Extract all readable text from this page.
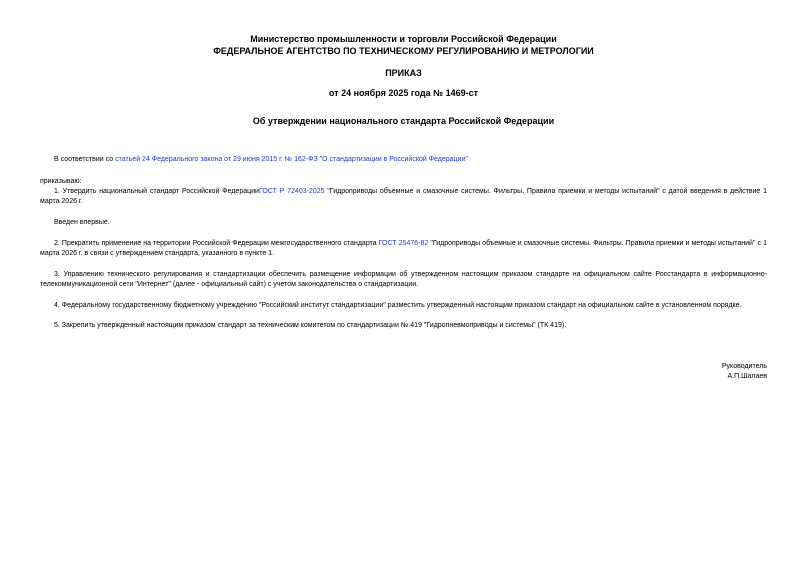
Министерство промышленности и торговли Российской Федерации
ФЕДЕРАЛЬНОЕ АГЕНТСТВО ПО ТЕХНИЧЕСКОМУ РЕГУЛИРОВАНИЮ И МЕТРОЛОГИИ
ПРИКАЗ
от 24 ноября 2025 года № 1469-ст
Об утверждении национального стандарта Российской Федерации
В соответствии со статьей 24 Федерального закона от 29 июня 2015 г. № 162-ФЗ "О стандартизации в Российской Федерации"
приказываю:
1. Утвердить национальный стандарт Российской ФедерацииГОСТ Р 72403-2025 "Гидроприводы объемные и смазочные системы. Фильтры. Правила приемки и методы испытаний" с датой введения в действие 1 марта 2026 г.
Введен впервые.
2. Прекратить применение на территории Российской Федерации межгосударственного стандарта ГОСТ 25476-82 "Гидроприводы объемные и смазочные системы. Фильтры. Правила приемки и методы испытаний" с 1 марта 2026 г. в связи с утверждением стандарта, указанного в пункте 1.
3. Управлению технического регулирования и стандартизации обеспечить размещение информации об утвержденном настоящим приказом стандарте на официальном сайте Росстандарта в информационно-телекоммуникационной сети "Интернет" (далее - официальный сайт) с учетом законодательства о стандартизации.
4. Федеральному государственному бюджетному учреждению "Российский институт стандартизации" разместить утвержденный настоящим приказом стандарт на официальном сайте в установленном порядке.
5. Закрепить утвержденный настоящим приказом стандарт за техническим комитетом по стандартизации № 419 "Гидропневмоприводы и системы" (ТК 419).
Руководитель
А.П.Шалаев
